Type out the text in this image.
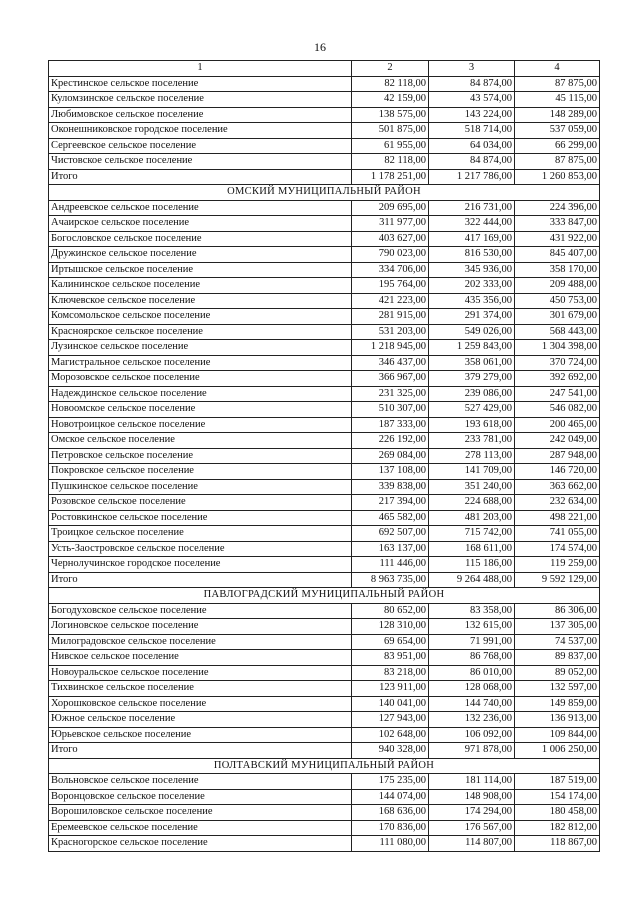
16
1	2	3	4
Крестинское сельское поселение	82 118,00	84 874,00	87 875,00
Куломзинское сельское поселение	42 159,00	43 574,00	45 115,00
Любимовское сельское поселение	138 575,00	143 224,00	148 289,00
Оконешниковское городское поселение	501 875,00	518 714,00	537 059,00
Сергеевское сельское поселение	61 955,00	64 034,00	66 299,00
Чистовское сельское поселение	82 118,00	84 874,00	87 875,00
Итого	1 178 251,00	1 217 786,00	1 260 853,00
ОМСКИЙ МУНИЦИПАЛЬНЫЙ РАЙОН			
Андреевское сельское поселение	209 695,00	216 731,00	224 396,00
Ачаирское сельское поселение	311 977,00	322 444,00	333 847,00
Богословское сельское поселение	403 627,00	417 169,00	431 922,00
Дружинское сельское поселение	790 023,00	816 530,00	845 407,00
Иртышское сельское поселение	334 706,00	345 936,00	358 170,00
Калининское сельское поселение	195 764,00	202 333,00	209 488,00
Ключевское сельское поселение	421 223,00	435 356,00	450 753,00
Комсомольское сельское поселение	281 915,00	291 374,00	301 679,00
Красноярское сельское поселение	531 203,00	549 026,00	568 443,00
Лузинское сельское поселение	1 218 945,00	1 259 843,00	1 304 398,00
Магистральное сельское поселение	346 437,00	358 061,00	370 724,00
Морозовское сельское поселение	366 967,00	379 279,00	392 692,00
Надеждинское сельское поселение	231 325,00	239 086,00	247 541,00
Новоомское сельское поселение	510 307,00	527 429,00	546 082,00
Новотроицкое сельское поселение	187 333,00	193 618,00	200 465,00
Омское сельское поселение	226 192,00	233 781,00	242 049,00
Петровское сельское поселение	269 084,00	278 113,00	287 948,00
Покровское сельское поселение	137 108,00	141 709,00	146 720,00
Пушкинское сельское поселение	339 838,00	351 240,00	363 662,00
Розовское сельское поселение	217 394,00	224 688,00	232 634,00
Ростовкинское сельское поселение	465 582,00	481 203,00	498 221,00
Троицкое сельское поселение	692 507,00	715 742,00	741 055,00
Усть-Заостровское сельское поселение	163 137,00	168 611,00	174 574,00
Чернолучинское городское поселение	111 446,00	115 186,00	119 259,00
Итого	8 963 735,00	9 264 488,00	9 592 129,00
ПАВЛОГРАДСКИЙ МУНИЦИПАЛЬНЫЙ РАЙОН			
Богодуховское сельское поселение	80 652,00	83 358,00	86 306,00
Логиновское сельское поселение	128 310,00	132 615,00	137 305,00
Милоградовское сельское поселение	69 654,00	71 991,00	74 537,00
Нивское сельское поселение	83 951,00	86 768,00	89 837,00
Новоуральское сельское поселение	83 218,00	86 010,00	89 052,00
Тихвинское сельское поселение	123 911,00	128 068,00	132 597,00
Хорошковское сельское поселение	140 041,00	144 740,00	149 859,00
Южное сельское поселение	127 943,00	132 236,00	136 913,00
Юрьевское сельское поселение	102 648,00	106 092,00	109 844,00
Итого	940 328,00	971 878,00	1 006 250,00
ПОЛТАВСКИЙ МУНИЦИПАЛЬНЫЙ РАЙОН			
Вольновское сельское поселение	175 235,00	181 114,00	187 519,00
Воронцовское сельское поселение	144 074,00	148 908,00	154 174,00
Ворошиловское сельское поселение	168 636,00	174 294,00	180 458,00
Еремеевское сельское поселение	170 836,00	176 567,00	182 812,00
Красногорское сельское поселение	111 080,00	114 807,00	118 867,00
